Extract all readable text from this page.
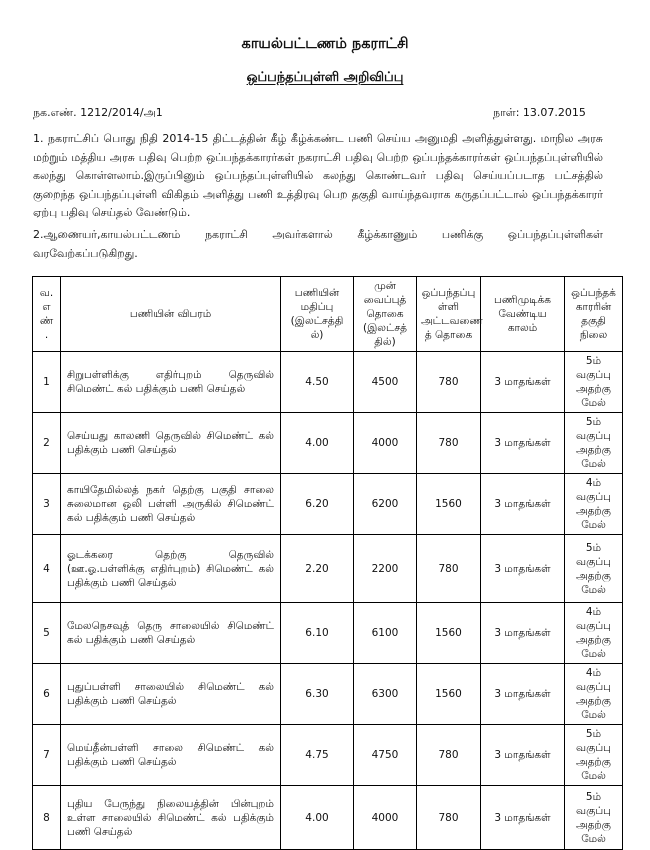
காயல்பட்டணம் நகராட்சி
ஒப்பந்தப்புள்ளி அறிவிப்பு
நக.எண். 1212/2014/அ1	நாள்: 13.07.2015
1. நகராட்சிப் பொது நிதி 2014-15 திட்டத்தின் கீழ் கீழ்க்கண்ட பணி செய்ய அனுமதி அளித்துள்ளது. மாநில அரசு மற்றும் மத்திய அரசு பதிவு பெற்ற ஒப்பந்தக்காரர்கள் நகராட்சி பதிவு பெற்ற ஒப்பந்தக்காரர்கள் ஒப்பந்தப்புள்ளியில் கலந்து கொள்ளலாம்.இருப்பினும் ஒப்பந்தப்புள்ளியில் கலந்து கொண்டவர் பதிவு செய்யப்படாத பட்சத்தில் குறைந்த ஒப்பந்தப்புள்ளி விகிதம் அளித்து பணி உத்திரவு பெற தகுதி வாய்ந்தவராக கருதப்பட்டால் ஒப்பந்தக்காரர் ஏற்பு பதிவு செய்தல் வேண்டும்.
2.ஆணையர்,காயல்பட்டணம் நகராட்சி அவர்களால் கீழ்க்காணும் பணிக்கு ஒப்பந்தப்புள்ளிகள் வரவேற்கப்படுகிறது.
வ. எ ண் .	பணியின் விபரம்	பணியின் மதிப்பு (இலட்சத்தி ல்)	முன் வைப்புத் தொகை (இலட்சத் தில்)	ஒப்பந்தப்பு ள்ளி அட்டவணை த் தொகை	பணிமுடிக்க வேண்டிய காலம்	ஒப்பந்தக் காரரின் தகுதி நிலை
1	சிறுபள்ளிக்கு எதிர்புறம் தெருவில் சிமெண்ட் கல் பதிக்கும் பணி செய்தல்	4.50	4500	780	3 மாதங்கள்	5ம் வகுப்பு அதற்கு மேல்
2	செய்யது காலணி தெருவில் சிமெண்ட் கல் பதிக்கும் பணி செய்தல்	4.00	4000	780	3 மாதங்கள்	5ம் வகுப்பு அதற்கு மேல்
3	காயிதேமில்லத் நகர் தெற்கு பகுதி சாலை சுலைமான ஒலி பள்ளி அருகில் சிமெண்ட் கல் பதிக்கும் பணி செய்தல்	6.20	6200	1560	3 மாதங்கள்	4ம் வகுப்பு அதற்கு மேல்
4	ஓடக்கரை தெற்கு தெருவில் (ஊ.ஓ.பள்ளிக்கு எதிர்புறம்) சிமெண்ட் கல் பதிக்கும் பணி செய்தல்	2.20	2200	780	3 மாதங்கள்	5ம் வகுப்பு அதற்கு மேல்
5	மேலநெசவுத் தெரு சாலையில் சிமெண்ட் கல் பதிக்கும் பணி செய்தல்	6.10	6100	1560	3 மாதங்கள்	4ம் வகுப்பு அதற்கு மேல்
6	புதுப்பள்ளி சாலையில் சிமெண்ட் கல் பதிக்கும் பணி செய்தல்	6.30	6300	1560	3 மாதங்கள்	4ம் வகுப்பு அதற்கு மேல்
7	மெய்தீன்பள்ளி சாலை சிமெண்ட் கல் பதிக்கும் பணி செய்தல்	4.75	4750	780	3 மாதங்கள்	5ம் வகுப்பு அதற்கு மேல்
8	புதிய பேருந்து நிலையத்தின் பின்புறம் உள்ள சாலையில் சிமெண்ட் கல் பதிக்கும் பணி செய்தல்	4.00	4000	780	3 மாதங்கள்	5ம் வகுப்பு அதற்கு மேல்
